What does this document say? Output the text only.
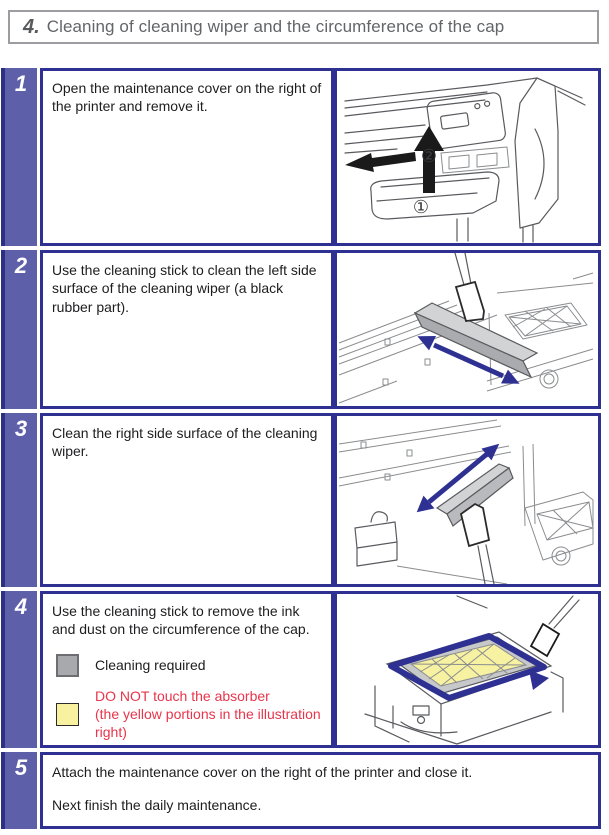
4. Cleaning of cleaning wiper and the circumference of the cap
1	Open the maintenance cover on the right of the printer and remove it.
①
②
2	Use the cleaning stick to clean the left side surface of the cleaning wiper (a black rubber part).
3	Clean the right side surface of the cleaning wiper.
4	Use the cleaning stick to remove the ink and dust on the circumference of the cap.
Cleaning required
DO NOT touch the absorber
(the yellow portions in the illustration right)
5	Attach the maintenance cover on the right of the printer and close it.
Next finish the daily maintenance.
